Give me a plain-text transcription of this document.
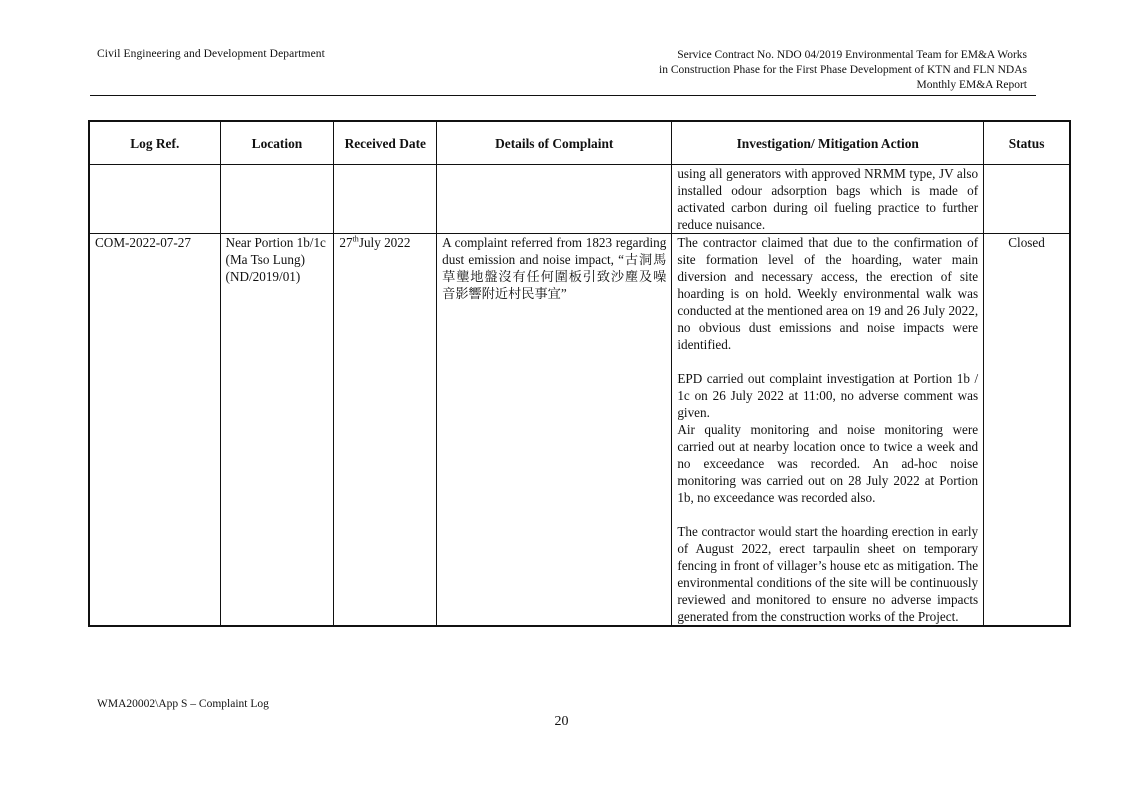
Civil Engineering and Development Department	Service Contract No. NDO 04/2019 Environmental Team for EM&A Works
in Construction Phase for the First Phase Development of KTN and FLN NDAs
Monthly EM&A Report
Log Ref.	Location	Received Date	Details of Complaint	Investigation/ Mitigation Action	Status
				using all generators with approved NRMM type, JV also installed odour adsorption bags which is made of activated carbon during oil fueling practice to further reduce nuisance.	
COM-2022-07-27	Near Portion 1b/1c (Ma Tso Lung) (ND/2019/01)	27thJuly 2022	A complaint referred from 1823 regarding dust emission and noise impact, “古洞馬草壟地盤沒有任何圍板引致沙塵及噪音影響附近村民事宜”	The contractor claimed that due to the confirmation of site formation level of the hoarding, water main diversion and necessary access, the erection of site hoarding is on hold. Weekly environmental walk was conducted at the mentioned area on 19 and 26 July 2022, no obvious dust emissions and noise impacts were identified.
EPD carried out complaint investigation at Portion 1b / 1c on 26 July 2022 at 11:00, no adverse comment was given.
Air quality monitoring and noise monitoring were carried out at nearby location once to twice a week and no exceedance was recorded. An ad-hoc noise monitoring was carried out on 28 July 2022 at Portion 1b, no exceedance was recorded also.
The contractor would start the hoarding erection in early of August 2022, erect tarpaulin sheet on temporary fencing in front of villager’s house etc as mitigation. The environmental conditions of the site will be continuously reviewed and monitored to ensure no adverse impacts generated from the construction works of the Project.	Closed
WMA20002\App S – Complaint Log
20
